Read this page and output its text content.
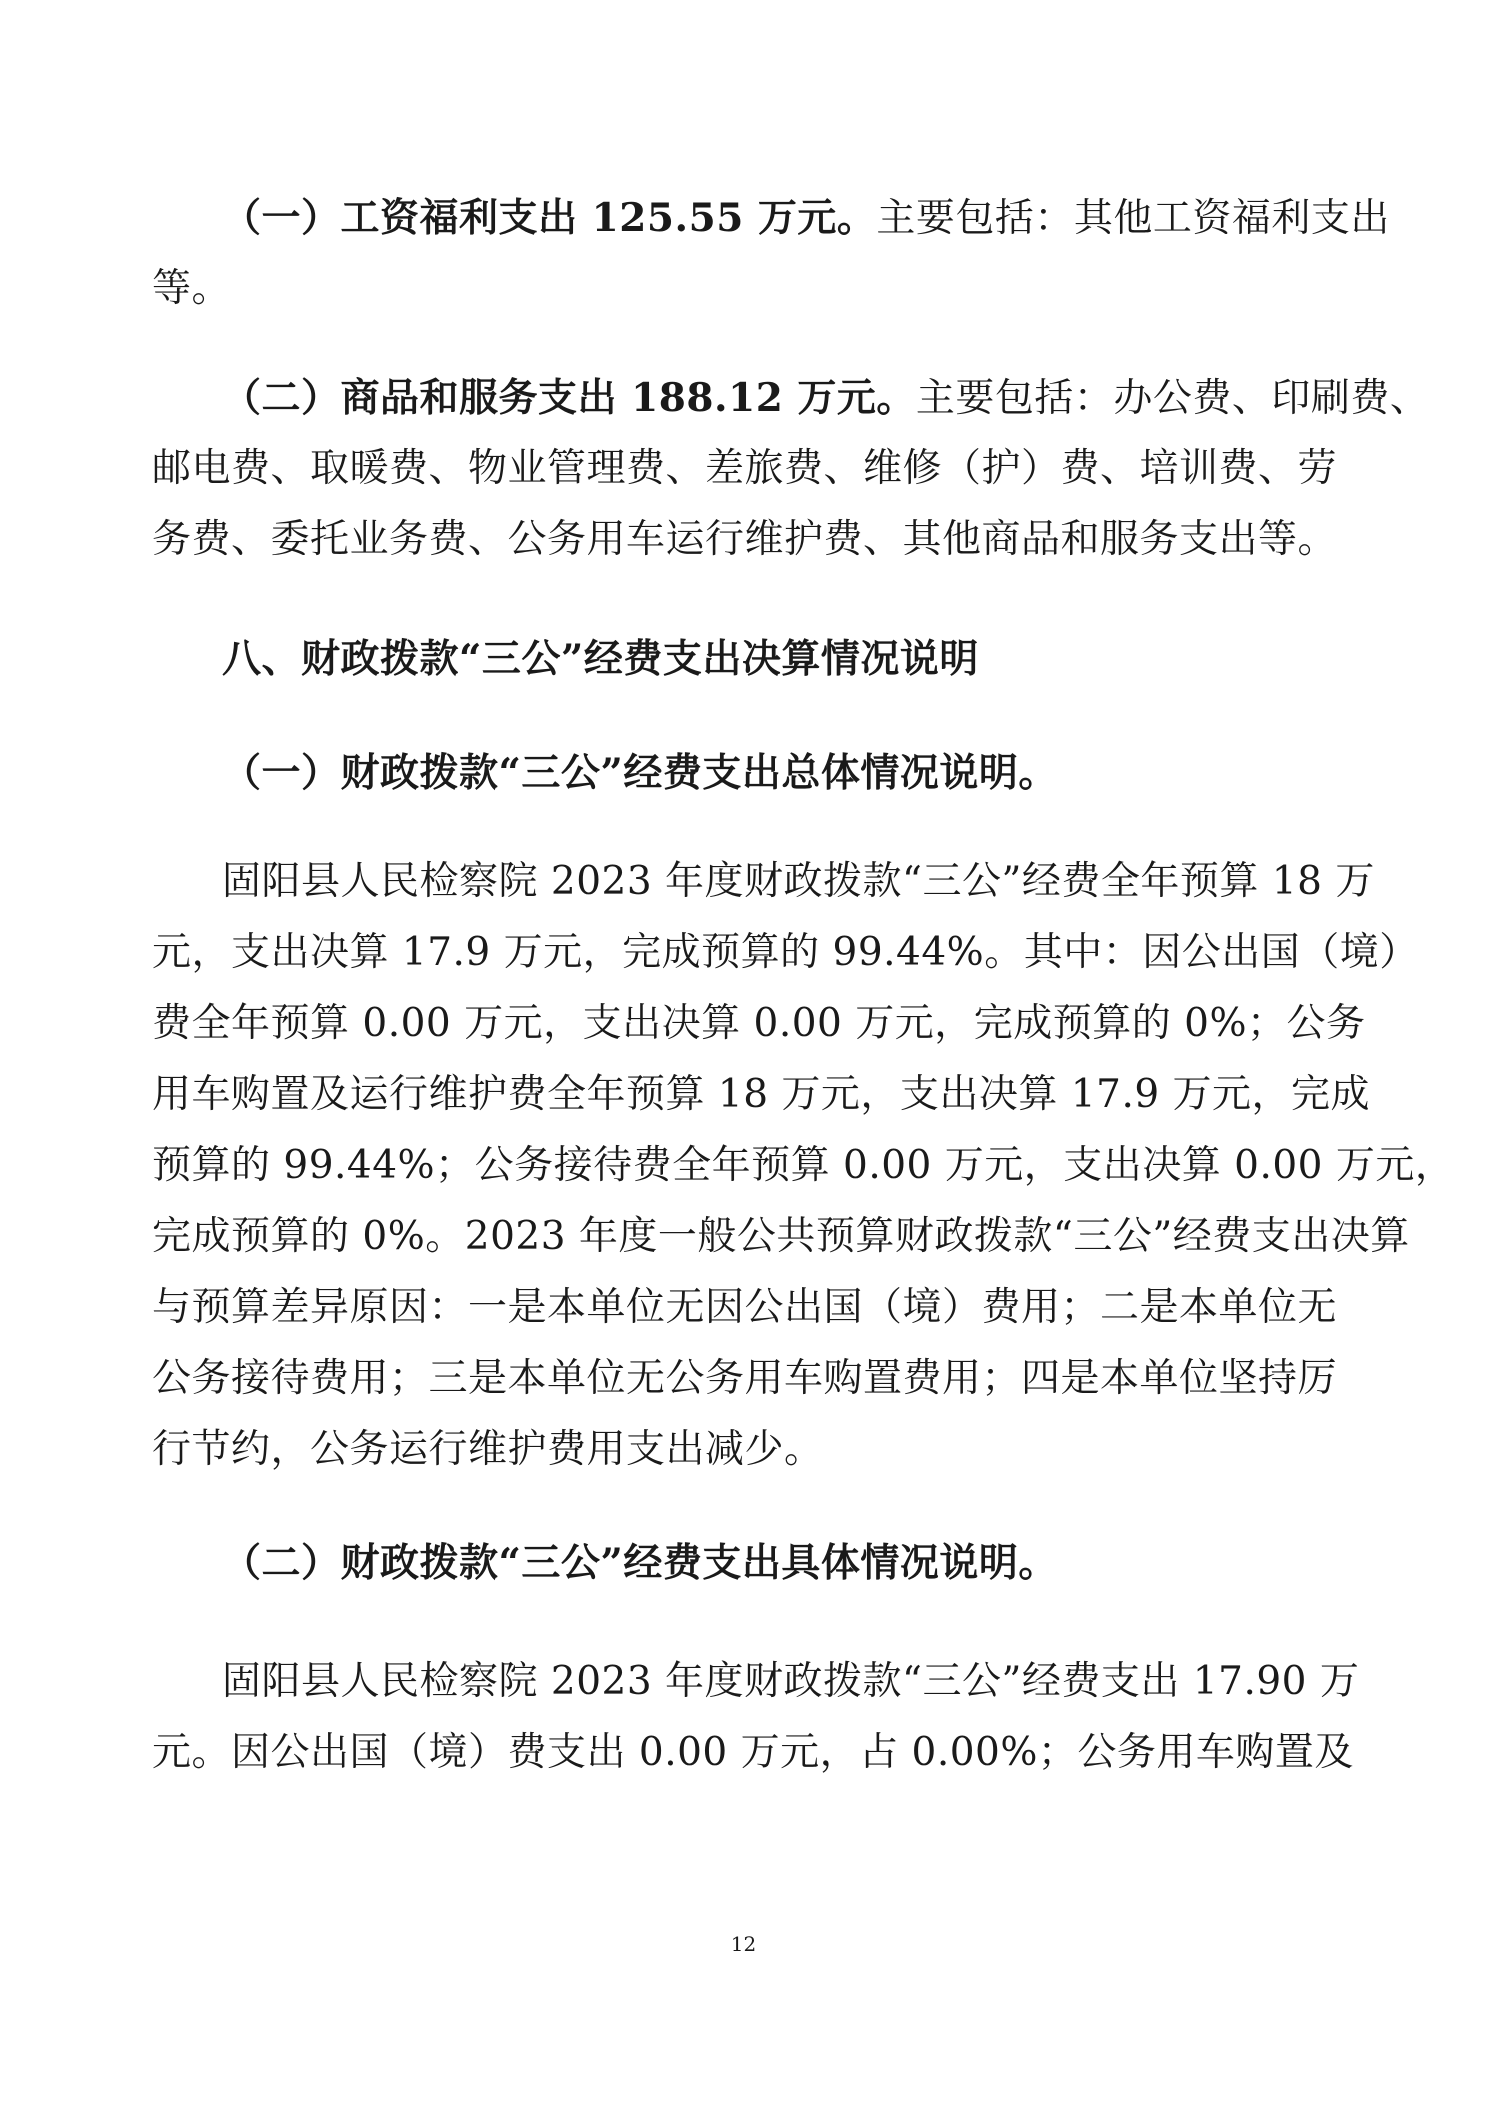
（一）工资福利支出 125.55 万元。主要包括：其他工资福利支出
等。
（二）商品和服务支出 188.12 万元。主要包括：办公费、印刷费、
邮电费、取暖费、物业管理费、差旅费、维修（护）费、培训费、劳
务费、委托业务费、公务用车运行维护费、其他商品和服务支出等。
八、财政拨款“三公”经费支出决算情况说明
（一）财政拨款“三公”经费支出总体情况说明。
固阳县人民检察院 2023 年度财政拨款“三公”经费全年预算 18 万
元，支出决算 17.9 万元，完成预算的 99.44%。其中：因公出国（境）
费全年预算 0.00 万元，支出决算 0.00 万元，完成预算的 0%；公务
用车购置及运行维护费全年预算 18 万元，支出决算 17.9 万元，完成
预算的 99.44%；公务接待费全年预算 0.00 万元，支出决算 0.00 万元，
完成预算的 0%。2023 年度一般公共预算财政拨款“三公”经费支出决算
与预算差异原因：一是本单位无因公出国（境）费用；二是本单位无
公务接待费用；三是本单位无公务用车购置费用；四是本单位坚持厉
行节约，公务运行维护费用支出减少。
（二）财政拨款“三公”经费支出具体情况说明。
固阳县人民检察院 2023 年度财政拨款“三公”经费支出 17.90 万
元。因公出国（境）费支出 0.00 万元，占 0.00%；公务用车购置及
12
